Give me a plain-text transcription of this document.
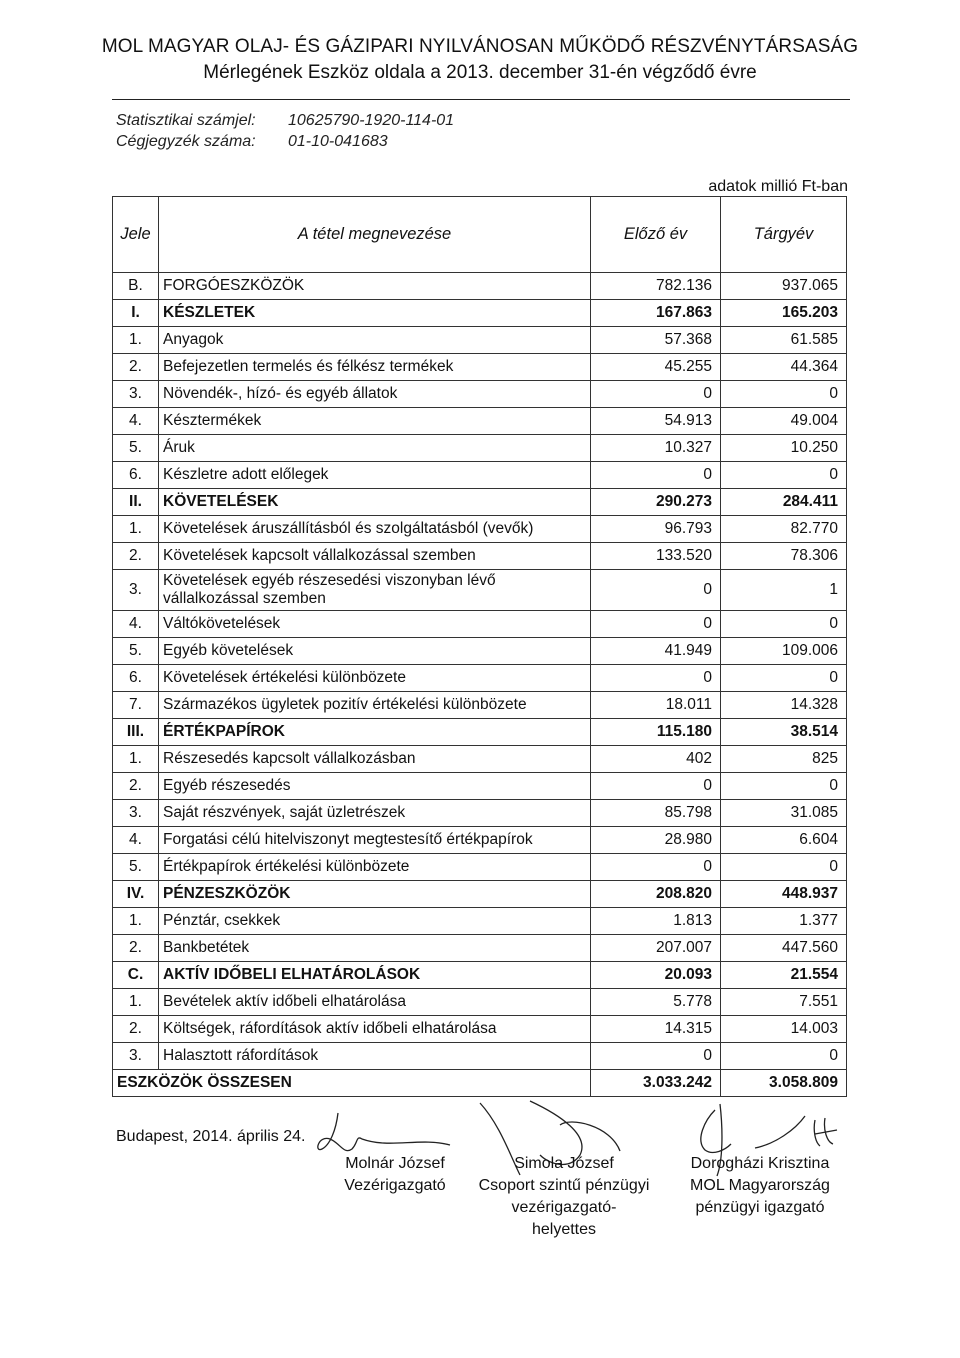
MOL MAGYAR OLAJ- ÉS GÁZIPARI NYILVÁNOSAN MŰKÖDŐ RÉSZVÉNYTÁRSASÁG
Mérlegének Eszköz oldala a 2013. december 31-én végződő évre
Statisztikai számjel: 10625790-1920-114-01
Cégjegyzék száma: 01-10-041683
adatok millió Ft-ban
Jele	A tétel megnevezése	Előző év	Tárgyév
B.	FORGÓESZKÖZÖK	782.136	937.065
I.	KÉSZLETEK	167.863	165.203
1.	Anyagok	57.368	61.585
2.	Befejezetlen termelés és félkész termékek	45.255	44.364
3.	Növendék-, hízó- és egyéb állatok	0	0
4.	Késztermékek	54.913	49.004
5.	Áruk	10.327	10.250
6.	Készletre adott előlegek	0	0
II.	KÖVETELÉSEK	290.273	284.411
1.	Követelések áruszállításból és szolgáltatásból (vevők)	96.793	82.770
2.	Követelések kapcsolt vállalkozással szemben	133.520	78.306
3.	Követelések egyéb részesedési viszonyban lévő vállalkozással szemben	0	1
4.	Váltókövetelések	0	0
5.	Egyéb követelések	41.949	109.006
6.	Követelések értékelési különbözete	0	0
7.	Származékos ügyletek pozitív értékelési különbözete	18.011	14.328
III.	ÉRTÉKPAPÍROK	115.180	38.514
1.	Részesedés kapcsolt vállalkozásban	402	825
2.	Egyéb részesedés	0	0
3.	Saját részvények, saját üzletrészek	85.798	31.085
4.	Forgatási célú hitelviszonyt megtestesítő értékpapírok	28.980	6.604
5.	Értékpapírok értékelési különbözete	0	0
IV.	PÉNZESZKÖZÖK	208.820	448.937
1.	Pénztár, csekkek	1.813	1.377
2.	Bankbetétek	207.007	447.560
C.	AKTÍV IDŐBELI ELHATÁROLÁSOK	20.093	21.554
1.	Bevételek aktív időbeli elhatárolása	5.778	7.551
2.	Költségek, ráfordítások aktív időbeli elhatárolása	14.315	14.003
3.	Halasztott ráfordítások	0	0
ESZKÖZÖK ÖSSZESEN		3.033.242	3.058.809
Budapest, 2014. április 24.
Molnár József
Vezérigazgató
Simola József
Csoport szintű pénzügyi
vezérigazgató-
helyettes
Dorogházi Krisztina
MOL Magyarország
pénzügyi igazgató
